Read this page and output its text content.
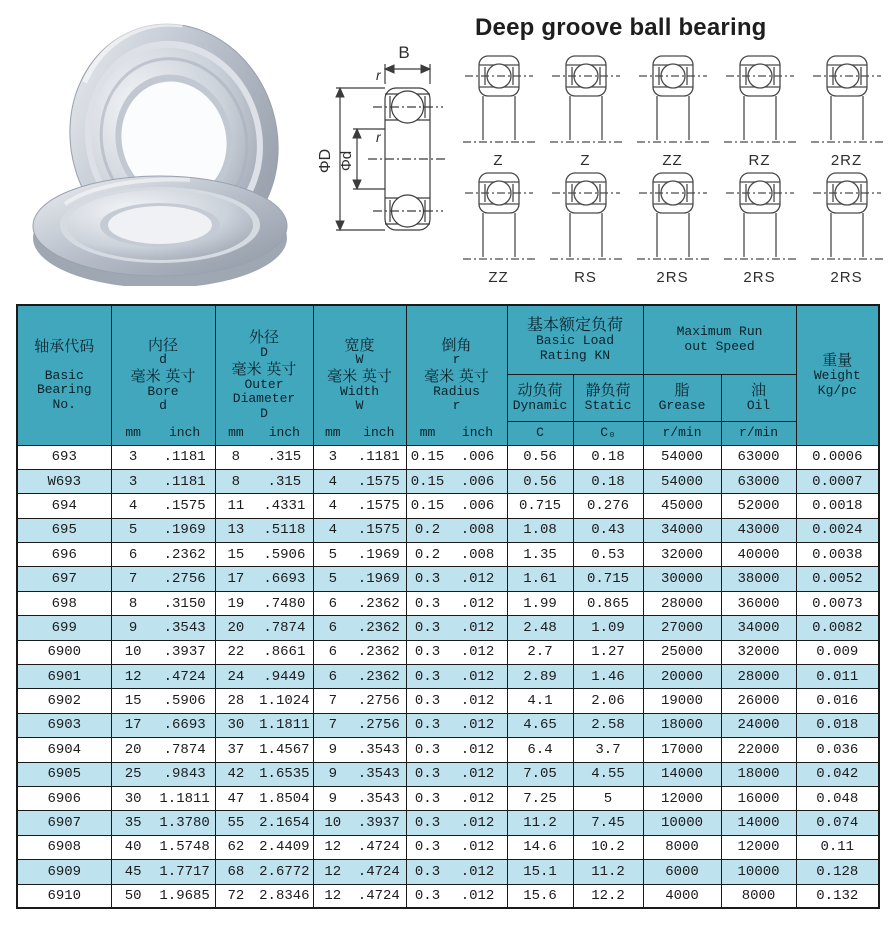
B
r
r
ΦD Φd
Deep groove ball bearing
Z	Z	ZZ	RZ	2RZ
ZZ	RS	2RS	2RS	2RS
轴承代码
Basic
Bearing
No.

内径
d
毫米 英寸
Bore
d
mm	inch

外径
D
毫米 英寸
Outer
Diameter
D
mm	inch

宽度
W
毫米 英寸
Width
W
mm	inch

倒角
r
毫米 英寸
Radius
r
mm	inch

基本额定负荷
Basic Load
Rating KN

Maximum Run
out Speed

重量
Weight
Kg/pc

动负荷
Dynamic

静负荷
Static

脂
Grease

油
Oil

					C	C₀	r/min	r/min	

693	3 .1181	8 .315	3 .1181	0.15 .006	0.56	0.18	54000	63000	0.0006
W693	3 .1181	8 .315	4 .1575	0.15 .006	0.56	0.18	54000	63000	0.0007
694	4 .1575	11 .4331	4 .1575	0.15 .006	0.715	0.276	45000	52000	0.0018
695	5 .1969	13 .5118	4 .1575	0.2 .008	1.08	0.43	34000	43000	0.0024
696	6 .2362	15 .5906	5 .1969	0.2 .008	1.35	0.53	32000	40000	0.0038
697	7 .2756	17 .6693	5 .1969	0.3 .012	1.61	0.715	30000	38000	0.0052
698	8 .3150	19 .7480	6 .2362	0.3 .012	1.99	0.865	28000	36000	0.0073
699	9 .3543	20 .7874	6 .2362	0.3 .012	2.48	1.09	27000	34000	0.0082
6900	10 .3937	22 .8661	6 .2362	0.3 .012	2.7	1.27	25000	32000	0.009
6901	12 .4724	24 .9449	6 .2362	0.3 .012	2.89	1.46	20000	28000	0.011
6902	15 .5906	28 1.1024	7 .2756	0.3 .012	4.1	2.06	19000	26000	0.016
6903	17 .6693	30 1.1811	7 .2756	0.3 .012	4.65	2.58	18000	24000	0.018
6904	20 .7874	37 1.4567	9 .3543	0.3 .012	6.4	3.7	17000	22000	0.036
6905	25 .9843	42 1.6535	9 .3543	0.3 .012	7.05	4.55	14000	18000	0.042
6906	30 1.1811	47 1.8504	9 .3543	0.3 .012	7.25	5	12000	16000	0.048
6907	35 1.3780	55 2.1654	10 .3937	0.3 .012	11.2	7.45	10000	14000	0.074
6908	40 1.5748	62 2.4409	12 .4724	0.3 .012	14.6	10.2	8000	12000	0.11
6909	45 1.7717	68 2.6772	12 .4724	0.3 .012	15.1	11.2	6000	10000	0.128
6910	50 1.9685	72 2.8346	12 .4724	0.3 .012	15.6	12.2	4000	8000	0.132
